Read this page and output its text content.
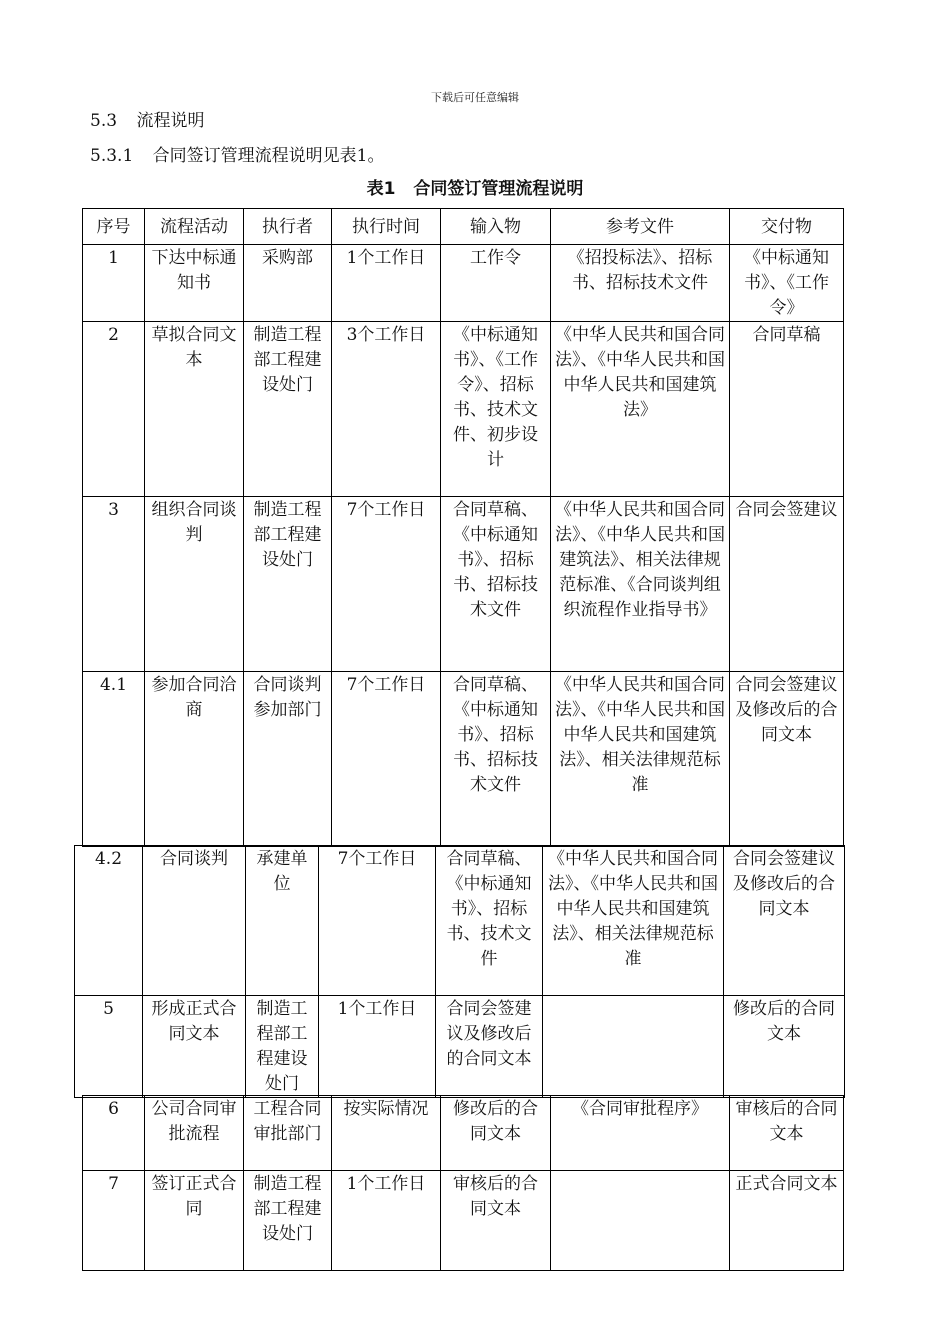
下载后可任意编辑
5.3 流程说明
5.3.1 合同签订管理流程说明见表1。
表1 合同签订管理流程说明
序号	流程活动	执行者	执行时间	输入物	参考文件	交付物
1	下达中标通知书	采购部	1个工作日	工作令	《招投标法》、招标书、招标技术文件	《中标通知书》、《工作令》
2	草拟合同文本	制造工程部工程建设处门	3个工作日	《中标通知书》、《工作令》、招标书、技术文件、初步设计	《中华人民共和国合同法》、《中华人民共和国中华人民共和国建筑法》	合同草稿
3	组织合同谈判	制造工程部工程建设处门	7个工作日	合同草稿、《中标通知书》、招标书、招标技术文件	《中华人民共和国合同法》、《中华人民共和国建筑法》、相关法律规范标准、《合同谈判组织流程作业指导书》	合同会签建议
4.1	参加合同洽商	合同谈判参加部门	7个工作日	合同草稿、《中标通知书》、招标书、招标技术文件	《中华人民共和国合同法》、《中华人民共和国中华人民共和国建筑法》、相关法律规范标准	合同会签建议及修改后的合同文本
4.2	合同谈判	承建单位	7个工作日	合同草稿、《中标通知书》、招标书、技术文件	《中华人民共和国合同法》、《中华人民共和国中华人民共和国建筑法》、相关法律规范标准	合同会签建议及修改后的合同文本
5	形成正式合同文本	制造工程部工程建设处门	1个工作日	合同会签建议及修改后的合同文本		修改后的合同文本
6	公司合同审批流程	工程合同审批部门	按实际情况	修改后的合同文本	《合同审批程序》	审核后的合同文本
7	签订正式合同	制造工程部工程建设处门	1个工作日	审核后的合同文本		正式合同文本
